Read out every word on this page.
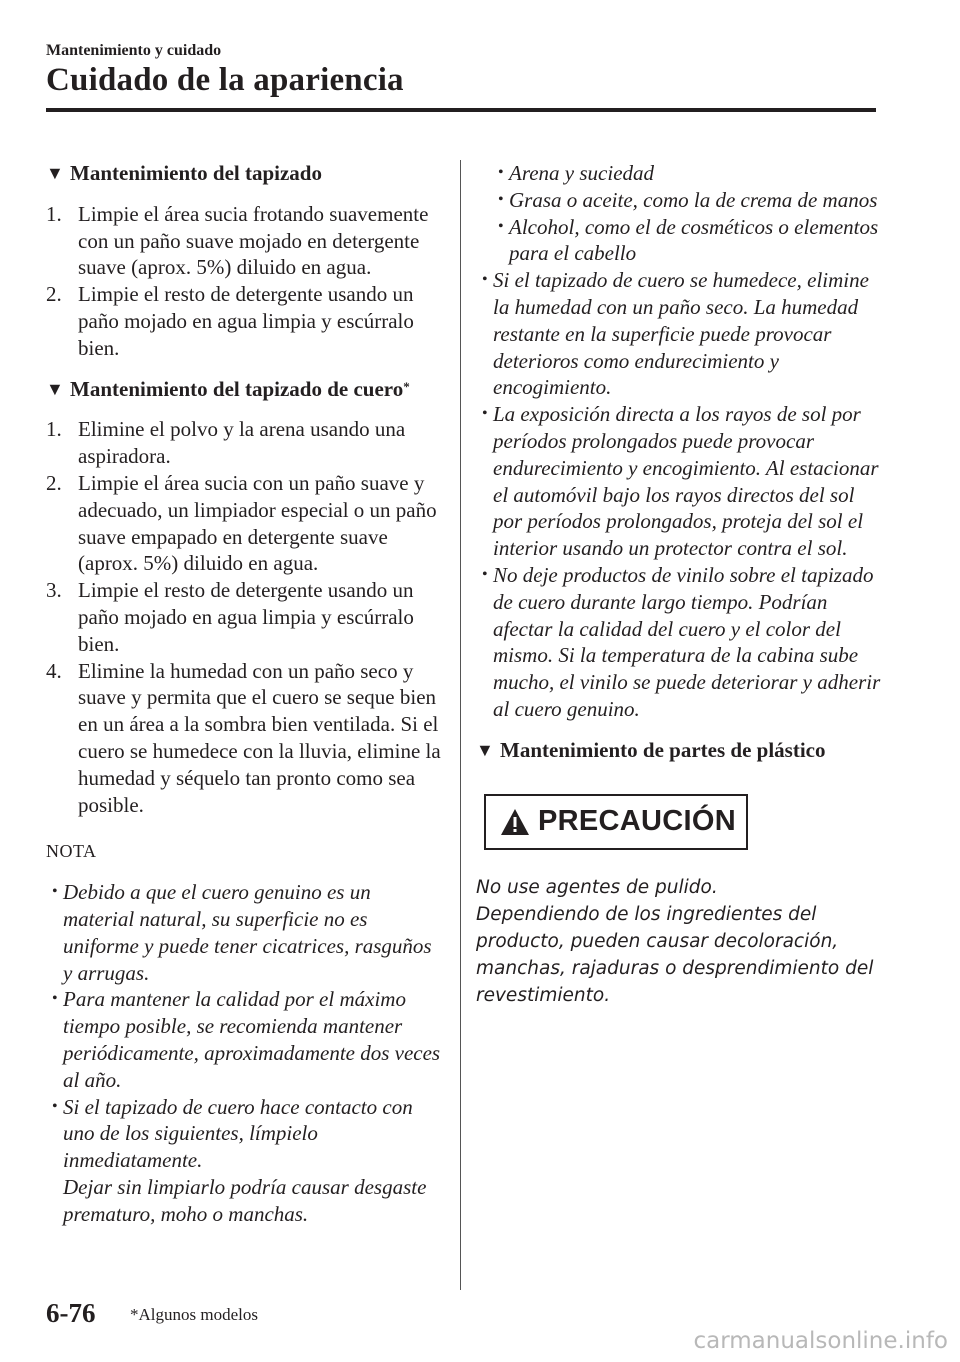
Mantenimiento y cuidado
Cuidado de la apariencia
▼ Mantenimiento del tapizado
1. Limpie el área sucia frotando suavemente con un paño suave mojado en detergente suave (aprox. 5%) diluido en agua.
2. Limpie el resto de detergente usando un paño mojado en agua limpia y escúrralo bien.
▼ Mantenimiento del tapizado de cuero*
1. Elimine el polvo y la arena usando una aspiradora.
2. Limpie el área sucia con un paño suave y adecuado, un limpiador especial o un paño suave empapado en detergente suave (aprox. 5%) diluido en agua.
3. Limpie el resto de detergente usando un paño mojado en agua limpia y escúrralo bien.
4. Elimine la humedad con un paño seco y suave y permita que el cuero se seque bien en un área a la sombra bien ventilada. Si el cuero se humedece con la lluvia, elimine la humedad y séquelo tan pronto como sea posible.
NOTA
• Debido a que el cuero genuino es un material natural, su superficie no es uniforme y puede tener cicatrices, rasguños y arrugas.
• Para mantener la calidad por el máximo tiempo posible, se recomienda mantener periódicamente, aproximadamente dos veces al año.
• Si el tapizado de cuero hace contacto con uno de los siguientes, límpielo inmediatamente.
Dejar sin limpiarlo podría causar desgaste prematuro, moho o manchas.
• Arena y suciedad
• Grasa o aceite, como la de crema de manos
• Alcohol, como el de cosméticos o elementos para el cabello
• Si el tapizado de cuero se humedece, elimine la humedad con un paño seco. La humedad restante en la superficie puede provocar deterioros como endurecimiento y encogimiento.
• La exposición directa a los rayos de sol por períodos prolongados puede provocar endurecimiento y encogimiento. Al estacionar el automóvil bajo los rayos directos del sol por períodos prolongados, proteja del sol el interior usando un protector contra el sol.
• No deje productos de vinilo sobre el tapizado de cuero durante largo tiempo. Podrían afectar la calidad del cuero y el color del mismo. Si la temperatura de la cabina sube mucho, el vinilo se puede deteriorar y adherir al cuero genuino.
▼ Mantenimiento de partes de plástico
PRECAUCIÓN
No use agentes de pulido.
Dependiendo de los ingredientes del producto, pueden causar decoloración, manchas, rajaduras o desprendimiento del revestimiento.
6-76 *Algunos modelos
carmanualsonline.info
